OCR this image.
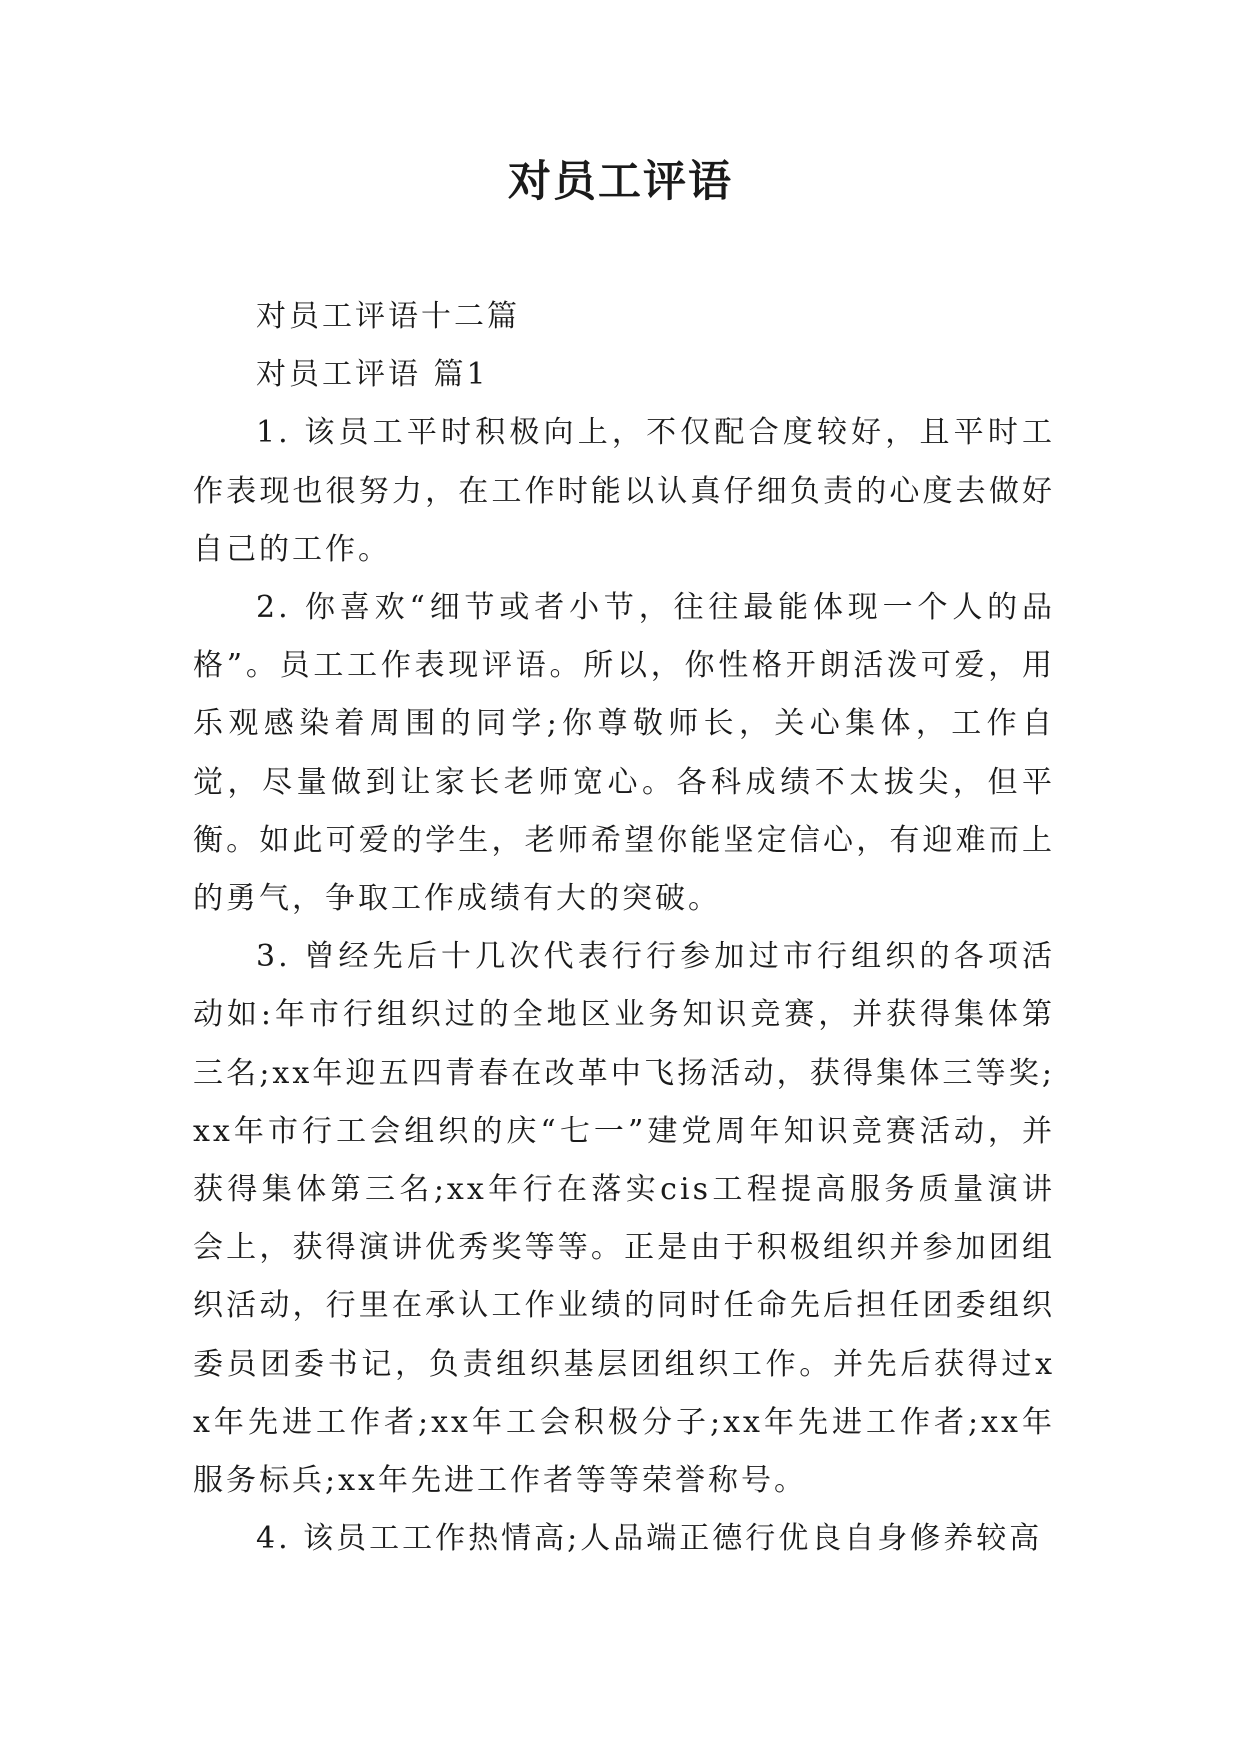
对员工评语

对员工评语十二篇

对员工评语 篇1

1. 该员工平时积极向上，不仅配合度较好，且平时工作表现也很努力，在工作时能以认真仔细负责的心度去做好自己的工作。

2. 你喜欢“细节或者小节，往往最能体现一个人的品格”。员工工作表现评语。所以，你性格开朗活泼可爱，用乐观感染着周围的同学;你尊敬师长，关心集体，工作自觉，尽量做到让家长老师宽心。各科成绩不太拔尖，但平衡。如此可爱的学生，老师希望你能坚定信心，有迎难而上的勇气，争取工作成绩有大的突破。

3. 曾经先后十几次代表行行参加过市行组织的各项活动如:年市行组织过的全地区业务知识竞赛，并获得集体第三名;xx年迎五四青春在改革中飞扬活动，获得集体三等奖;xx年市行工会组织的庆“七一”建党周年知识竞赛活动，并获得集体第三名;xx年行在落实cis工程提高服务质量演讲会上，获得演讲优秀奖等等。正是由于积极组织并参加团组织活动，行里在承认工作业绩的同时任命先后担任团委组织委员团委书记，负责组织基层团组织工作。并先后获得过xx年先进工作者;xx年工会积极分子;xx年先进工作者;xx年服务标兵;xx年先进工作者等等荣誉称号。

4. 该员工工作热情高;人品端正德行优良自身修养较高
